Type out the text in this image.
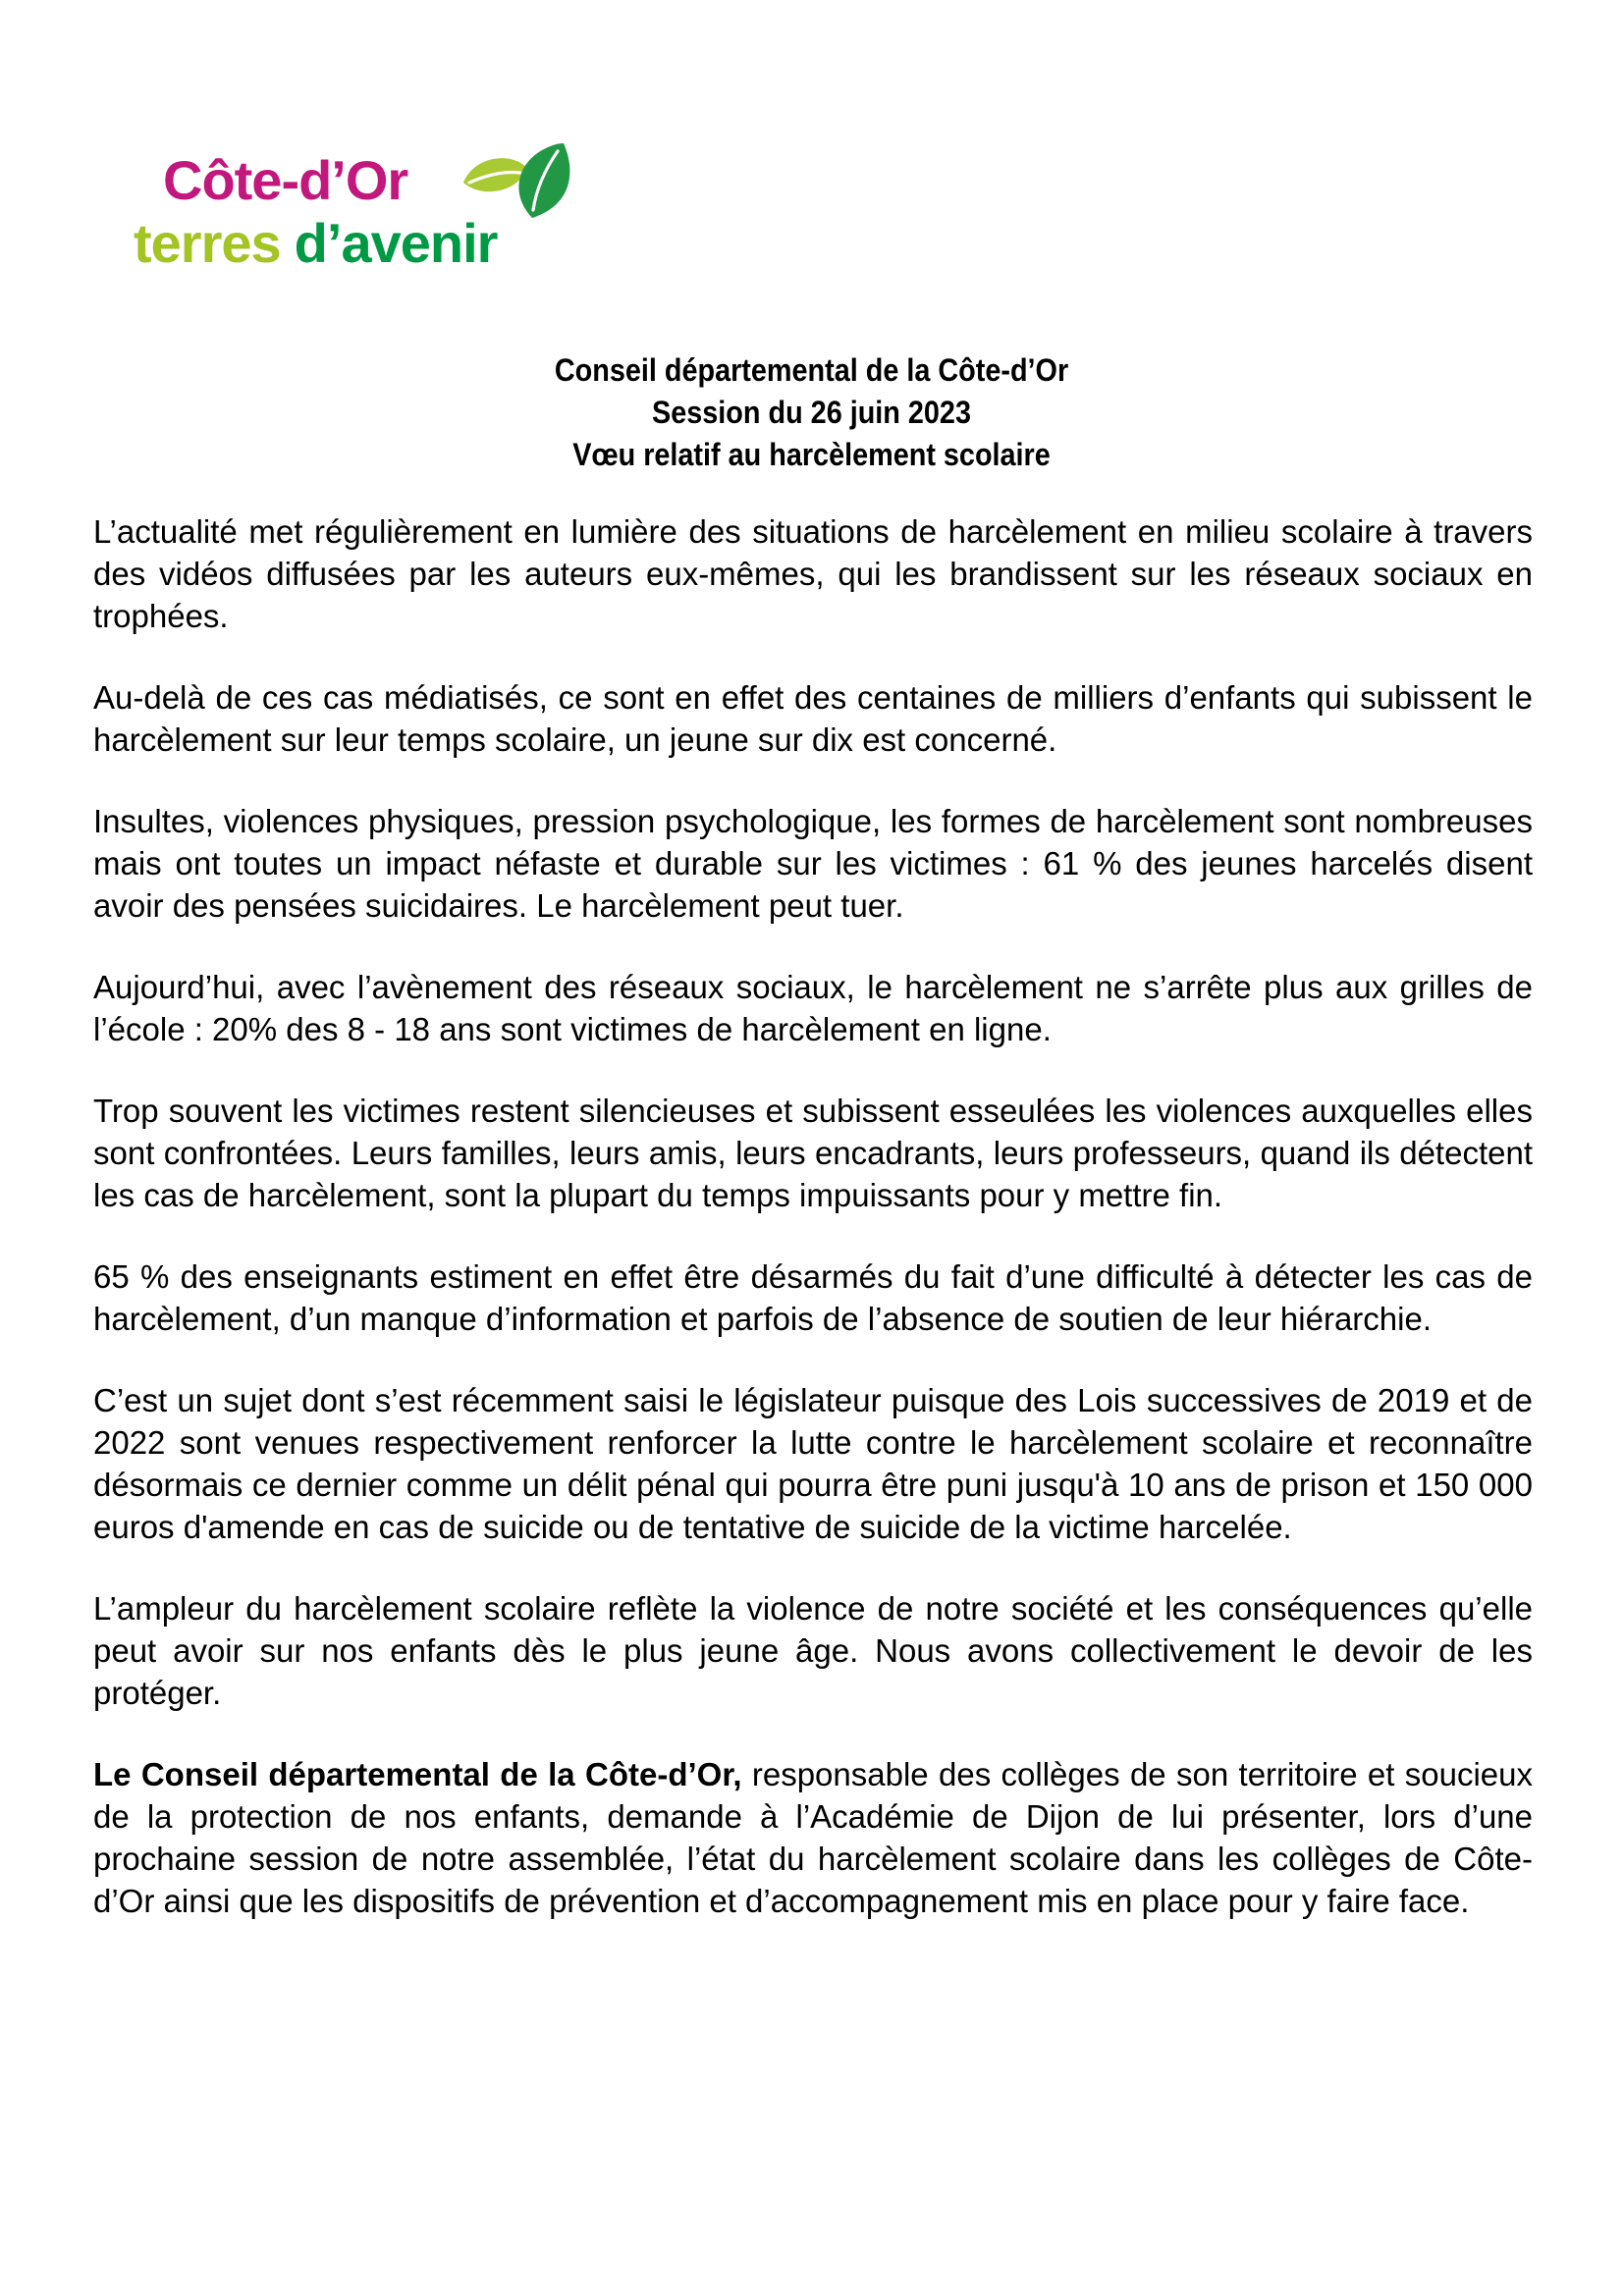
Côte-d’Or
terres d’avenir
Conseil départemental de la Côte-d’Or
Session du 26 juin 2023
Vœu relatif au harcèlement scolaire

L’actualité met régulièrement en lumière des situations de harcèlement en milieu scolaire à travers des vidéos diffusées par les auteurs eux-mêmes, qui les brandissent sur les réseaux sociaux en trophées.

Au-delà de ces cas médiatisés, ce sont en effet des centaines de milliers d’enfants qui subissent le harcèlement sur leur temps scolaire, un jeune sur dix est concerné.

Insultes, violences physiques, pression psychologique, les formes de harcèlement sont nombreuses mais ont toutes un impact néfaste et durable sur les victimes : 61 % des jeunes harcelés disent avoir des pensées suicidaires. Le harcèlement peut tuer.

Aujourd’hui, avec l’avènement des réseaux sociaux, le harcèlement ne s’arrête plus aux grilles de l’école : 20% des 8 - 18 ans sont victimes de harcèlement en ligne.

Trop souvent les victimes restent silencieuses et subissent esseulées les violences auxquelles elles sont confrontées. Leurs familles, leurs amis, leurs encadrants, leurs professeurs, quand ils détectent les cas de harcèlement, sont la plupart du temps impuissants pour y mettre fin.

65 % des enseignants estiment en effet être désarmés du fait d’une difficulté à détecter les cas de harcèlement, d’un manque d’information et parfois de l’absence de soutien de leur hiérarchie.

C’est un sujet dont s’est récemment saisi le législateur puisque des Lois successives de 2019 et de 2022 sont venues respectivement renforcer la lutte contre le harcèlement scolaire et reconnaître désormais ce dernier comme un délit pénal qui pourra être puni jusqu'à 10 ans de prison et 150 000 euros d'amende en cas de suicide ou de tentative de suicide de la victime harcelée.

L’ampleur du harcèlement scolaire reflète la violence de notre société et les conséquences qu’elle peut avoir sur nos enfants dès le plus jeune âge. Nous avons collectivement le devoir de les protéger.

Le Conseil départemental de la Côte-d’Or, responsable des collèges de son territoire et soucieux de la protection de nos enfants, demande à l’Académie de Dijon de lui présenter, lors d’une prochaine session de notre assemblée, l’état du harcèlement scolaire dans les collèges de Côte-d’Or ainsi que les dispositifs de prévention et d’accompagnement mis en place pour y faire face.
